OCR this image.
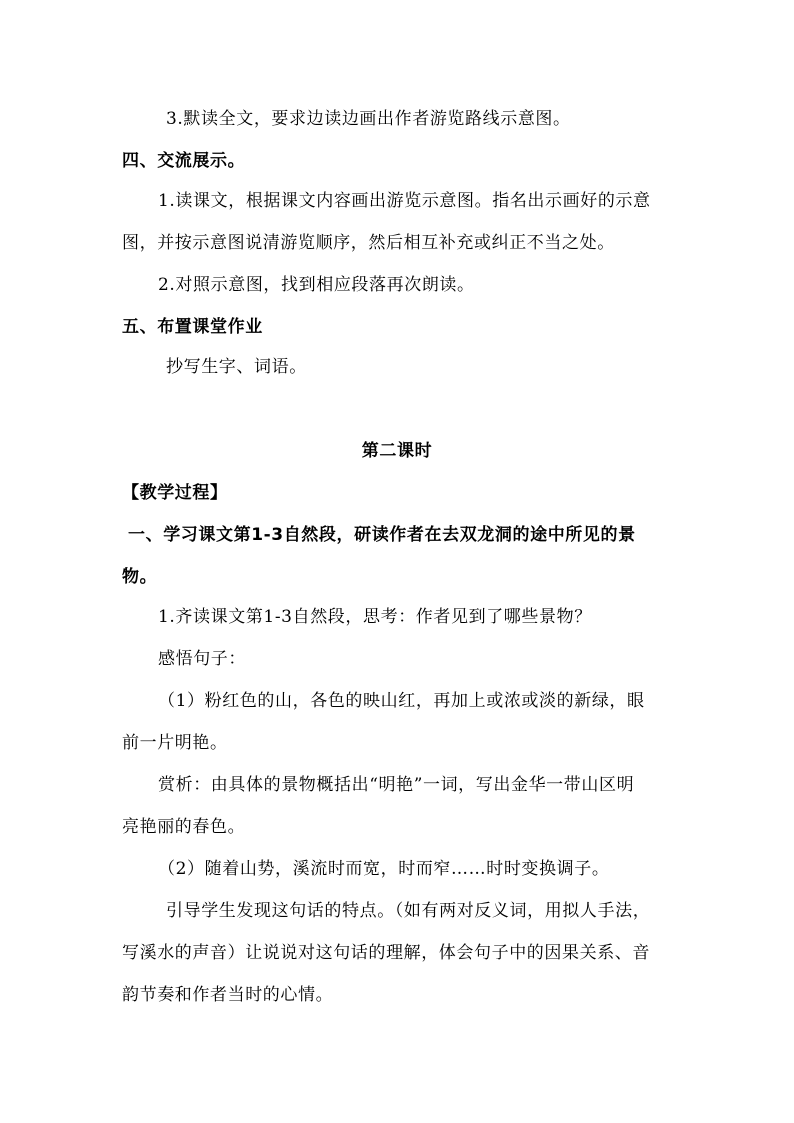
3.默读全文，要求边读边画出作者游览路线示意图。
四、交流展示。
1.读课文，根据课文内容画出游览示意图。指名出示画好的示意
图，并按示意图说清游览顺序，然后相互补充或纠正不当之处。
2.对照示意图，找到相应段落再次朗读。
五、布置课堂作业
抄写生字、词语。
第二课时
【教学过程】
一、学习课文第1-3自然段，研读作者在去双龙洞的途中所见的景
物。
1.齐读课文第1-3自然段，思考：作者见到了哪些景物？
感悟句子：
（1）粉红色的山，各色的映山红，再加上或浓或淡的新绿，眼
前一片明艳。
赏析：由具体的景物概括出“明艳”一词，写出金华一带山区明
亮艳丽的春色。
（2）随着山势，溪流时而宽，时而窄……时时变换调子。
引导学生发现这句话的特点。（如有两对反义词，用拟人手法，
写溪水的声音）让说说对这句话的理解，体会句子中的因果关系、音
韵节奏和作者当时的心情。
